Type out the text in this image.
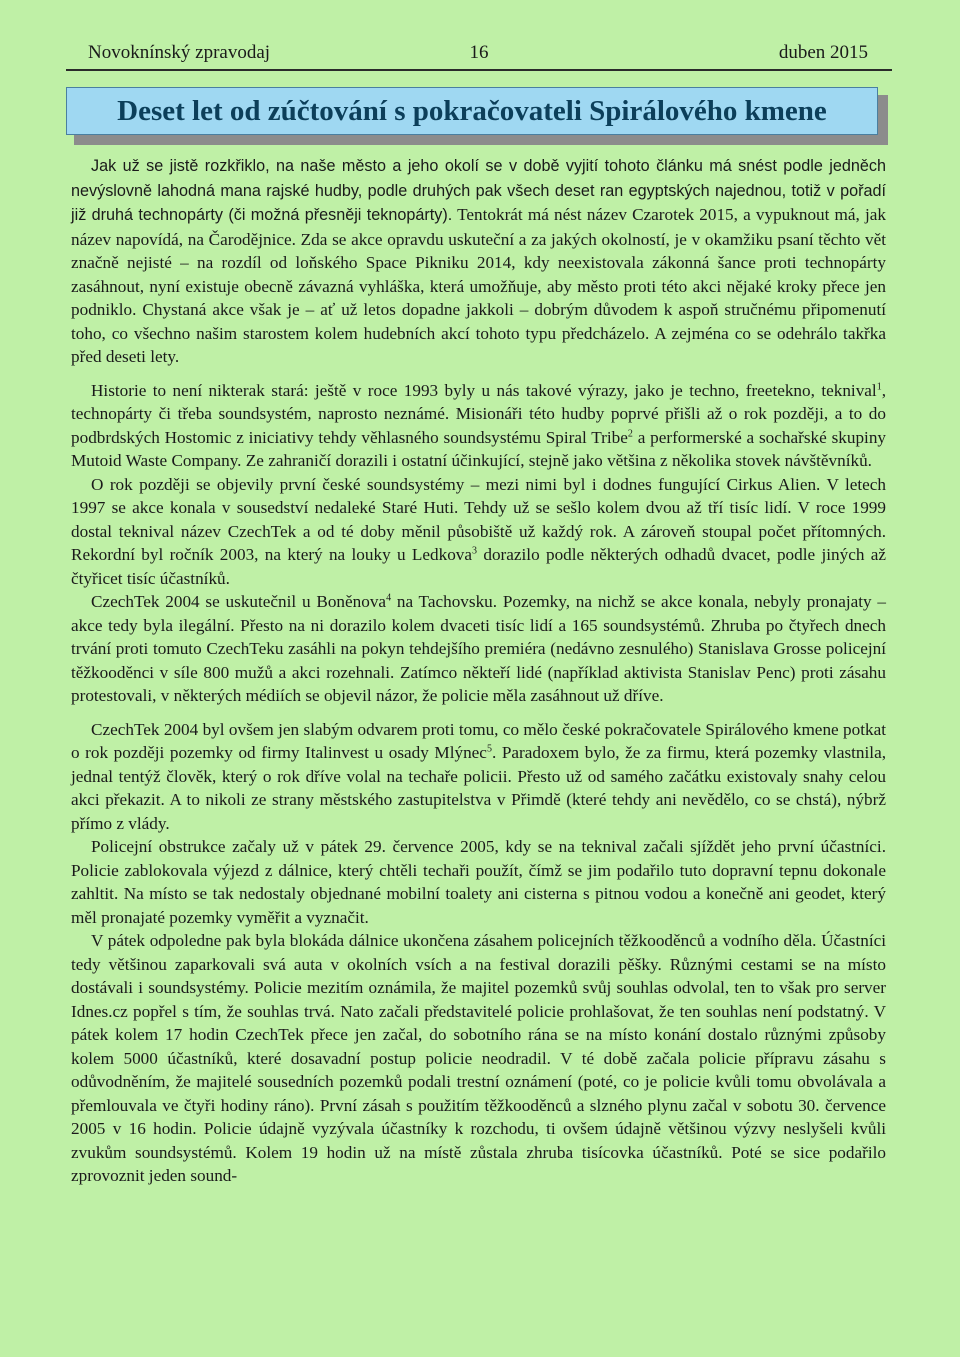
Novoknínský zpravodaj	16	duben 2015
Deset let od zúčtování s pokračovateli Spirálového kmene

Jak už se jistě rozkřiklo, na naše město a jeho okolí se v době vyjití tohoto článku má snést podle jedněch nevýslovně lahodná mana rajské hudby, podle druhých pak všech deset ran egyptských najednou, totiž v pořadí již druhá technopárty (či možná přesněji teknopárty). Tentokrát má nést název Czarotek 2015, a vypuknout má, jak název napovídá, na Čarodějnice. Zda se akce opravdu uskuteční a za jakých okolností, je v okamžiku psaní těchto vět značně nejisté – na rozdíl od loňského Space Pikniku 2014, kdy neexistovala zákonná šance proti technopárty zasáhnout, nyní existuje obecně závazná vyhláška, která umožňuje, aby město proti této akci nějaké kroky přece jen podniklo. Chystaná akce však je – ať už letos dopadne jakkoli – dobrým důvodem k aspoň stručnému připomenutí toho, co všechno našim starostem kolem hudebních akcí tohoto typu předcházelo. A zejména co se odehrálo takřka před deseti lety.

Historie to není nikterak stará: ještě v roce 1993 byly u nás takové výrazy, jako je techno, freetekno, teknival$^1$, technopárty či třeba soundsystém, naprosto neznámé. Misionáři této hudby poprvé přišli až o rok později, a to do podbrdských Hostomic z iniciativy tehdy věhlasného soundsystému Spiral Tribe$^2$ a performerské a sochařské skupiny Mutoid Waste Company. Ze zahraničí dorazili i ostatní účinkující, stejně jako většina z několika stovek návštěvníků.

O rok později se objevily první české soundsystémy – mezi nimi byl i dodnes fungující Cirkus Alien. V letech 1997 se akce konala v sousedství nedaleké Staré Huti. Tehdy už se sešlo kolem dvou až tří tisíc lidí. V roce 1999 dostal teknival název CzechTek a od té doby měnil působiště už každý rok. A zároveň stoupal počet přítomných. Rekordní byl ročník 2003, na který na louky u Ledkova$^3$ dorazilo podle některých odhadů dvacet, podle jiných až čtyřicet tisíc účastníků.

CzechTek 2004 se uskutečnil u Boněnova$^4$ na Tachovsku. Pozemky, na nichž se akce konala, nebyly pronajaty – akce tedy byla ilegální. Přesto na ni dorazilo kolem dvaceti tisíc lidí a 165 soundsystémů. Zhruba po čtyřech dnech trvání proti tomuto CzechTeku zasáhli na pokyn tehdejšího premiéra (nedávno zesnulého) Stanislava Grosse policejní těžkooděnci v síle 800 mužů a akci rozehnali. Zatímco někteří lidé (například aktivista Stanislav Penc) proti zásahu protestovali, v některých médiích se objevil názor, že policie měla zasáhnout už dříve.

CzechTek 2004 byl ovšem jen slabým odvarem proti tomu, co mělo české pokračovatele Spirálového kmene potkat o rok později pozemky od firmy Italinvest u osady Mlýnec$^5$. Paradoxem bylo, že za firmu, která pozemky vlastnila, jednal tentýž člověk, který o rok dříve volal na techaře policii. Přesto už od samého začátku existovaly snahy celou akci překazit. A to nikoli ze strany městského zastupitelstva v Přimdě (které tehdy ani nevědělo, co se chstá), nýbrž přímo z vlády.

Policejní obstrukce začaly už v pátek 29. července 2005, kdy se na teknival začali sjíždět jeho první účastníci. Policie zablokovala výjezd z dálnice, který chtěli techaři použít, čímž se jim podařilo tuto dopravní tepnu dokonale zahltit. Na místo se tak nedostaly objednané mobilní toalety ani cisterna s pitnou vodou a konečně ani geodet, který měl pronajaté pozemky vyměřit a vyznačit.

V pátek odpoledne pak byla blokáda dálnice ukončena zásahem policejních těžkooděnců a vodního děla. Účastníci tedy většinou zaparkovali svá auta v okolních vsích a na festival dorazili pěšky. Různými cestami se na místo dostávali i soundsystémy. Policie mezitím oznámila, že majitel pozemků svůj souhlas odvolal, ten to však pro server Idnes.cz popřel s tím, že souhlas trvá. Nato začali představitelé policie prohlašovat, že ten souhlas není podstatný. V pátek kolem 17 hodin CzechTek přece jen začal, do sobotního rána se na místo konání dostalo různými způsoby kolem 5000 účastníků, které dosavadní postup policie neodradil. V té době začala policie přípravu zásahu s odůvodněním, že majitelé sousedních pozemků podali trestní oznámení (poté, co je policie kvůli tomu obvolávala a přemlouvala ve čtyři hodiny ráno). První zásah s použitím těžkooděnců a slzného plynu začal v sobotu 30. července 2005 v 16 hodin. Policie údajně vyzývala účastníky k rozchodu, ti ovšem údajně většinou výzvy neslyšeli kvůli zvukům soundsystémů. Kolem 19 hodin už na místě zůstala zhruba tisícovka účastníků. Poté se sice podařilo zprovoznit jeden sound-
